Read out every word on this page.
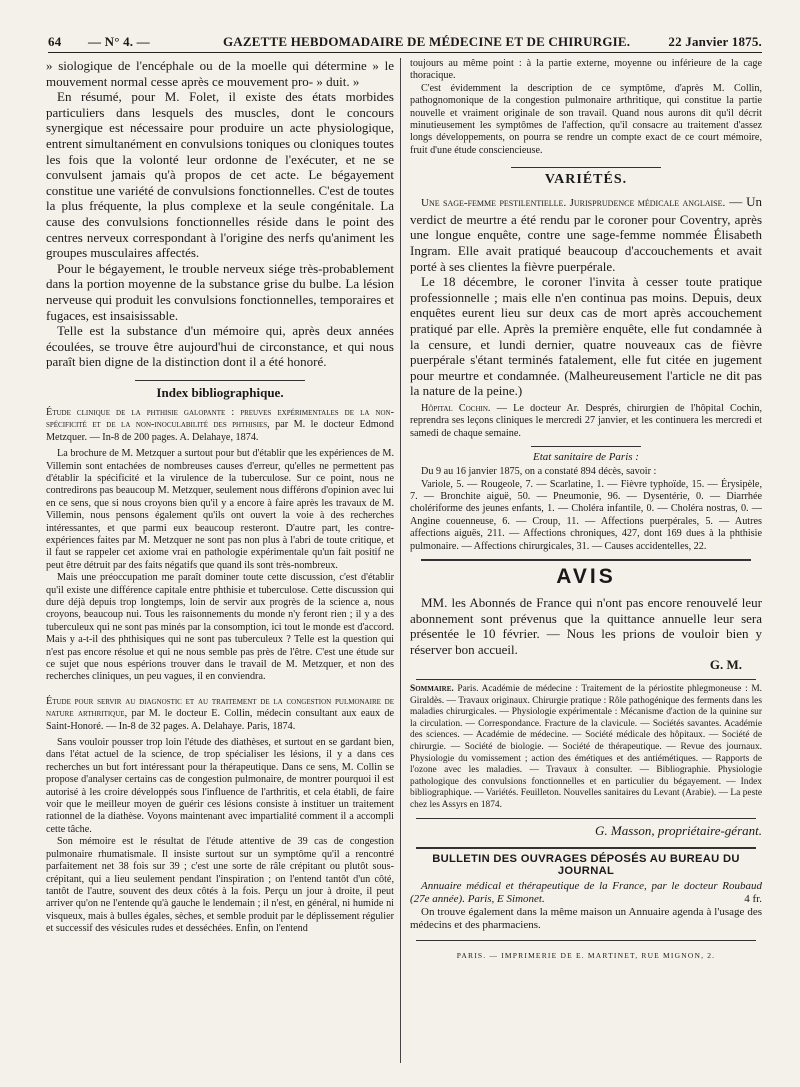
64 — N° 4. —	GAZETTE HEBDOMADAIRE DE MÉDECINE ET DE CHIRURGIE.	22 Janvier 1875.

» siologique de l'encéphale ou de la moelle qui détermine » le mouvement normal cesse après ce mouvement pro- » duit. »

En résumé, pour M. Folet, il existe des états morbides particuliers dans lesquels des muscles, dont le concours synergique est nécessaire pour produire un acte physiologique, entrent simultanément en convulsions toniques ou cloniques toutes les fois que la volonté leur ordonne de l'exécuter, et ne se convulsent jamais qu'à propos de cet acte. Le bégayement constitue une variété de convulsions fonctionnelles. C'est de toutes la plus fréquente, la plus complexe et la seule congénitale. La cause des convulsions fonctionnelles réside dans le point des centres nerveux correspondant à l'origine des nerfs qu'animent les groupes musculaires affectés.

Pour le bégayement, le trouble nerveux siége très-probablement dans la portion moyenne de la substance grise du bulbe. La lésion nerveuse qui produit les convulsions fonctionnelles, temporaires et fugaces, est insaisissable.

Telle est la substance d'un mémoire qui, après deux années écoulées, se trouve être aujourd'hui de circonstance, et qui nous paraît bien digne de la distinction dont il a été honoré.

Index bibliographique.

Étude clinique de la phthisie galopante : preuves expérimentales de la non-spécificité et de la non-inoculabilité des phthisies, par M. le docteur Edmond Metzquer. — In-8 de 200 pages. A. Delahaye, 1874.

La brochure de M. Metzquer a surtout pour but d'établir que les expériences de M. Villemin sont entachées de nombreuses causes d'erreur, qu'elles ne permettent pas d'établir la spécificité et la virulence de la tuberculose. Sur ce point, nous ne contredirons pas beaucoup M. Metzquer, seulement nous différons d'opinion avec lui en ce sens, que si nous croyons bien qu'il y a encore à faire après les travaux de M. Villemin, nous pensons également qu'ils ont ouvert la voie à des recherches intéressantes, et que parmi eux beaucoup resteront. D'autre part, les contre-expériences faites par M. Metzquer ne sont pas non plus à l'abri de toute critique, et il faut se rappeler cet axiome vrai en pathologie expérimentale qu'un fait positif ne peut être détruit par des faits négatifs que quand ils sont très-nombreux.

Mais une préoccupation me paraît dominer toute cette discussion, c'est d'établir qu'il existe une différence capitale entre phthisie et tuberculose. Cette discussion qui dure déjà depuis trop longtemps, loin de servir aux progrès de la science a, nous croyons, beaucoup nui. Tous les raisonnements du monde n'y feront rien ; il y a des tuberculeux qui ne sont pas minés par la consomption, ici tout le monde est d'accord. Mais y a-t-il des phthisiques qui ne sont pas tuberculeux ? Telle est la question qui n'est pas encore résolue et qui ne nous semble pas près de l'être. C'est une étude sur ce sujet que nous espérions trouver dans le travail de M. Metzquer, et non des recherches cliniques, un peu vagues, il en conviendra.

Étude pour servir au diagnostic et au traitement de la congestion pulmonaire de nature arthritique, par M. le docteur E. Collin, médecin consultant aux eaux de Saint-Honoré. — In-8 de 32 pages. A. Delahaye. Paris, 1874.

Sans vouloir pousser trop loin l'étude des diathèses, et surtout en se gardant bien, dans l'état actuel de la science, de trop spécialiser les lésions, il y a dans ces recherches un but fort intéressant pour la thérapeutique. Dans ce sens, M. Collin se propose d'analyser certains cas de congestion pulmonaire, de montrer pourquoi il est autorisé à les croire développés sous l'influence de l'arthritis, et cela établi, de faire voir que le meilleur moyen de guérir ces lésions consiste à instituer un traitement rationnel de la diathèse. Voyons maintenant avec impartialité comment il a accompli cette tâche.

Son mémoire est le résultat de l'étude attentive de 39 cas de congestion pulmonaire rhumatismale. Il insiste surtout sur un symptôme qu'il a rencontré parfaitement net 38 fois sur 39 ; c'est une sorte de râle crépitant ou plutôt sous-crépitant, qui a lieu seulement pendant l'inspiration ; on l'entend tantôt d'un côté, tantôt de l'autre, souvent des deux côtés à la fois. Perçu un jour à droite, il peut arriver qu'on ne l'entende qu'à gauche le lendemain ; il n'est, en général, ni humide ni visqueux, mais à bulles égales, sèches, et semble produit par le déplissement régulier et successif des vésicules rudes et desséchées. Enfin, on l'entend

toujours au même point : à la partie externe, moyenne ou inférieure de la cage thoracique.

C'est évidemment la description de ce symptôme, d'après M. Collin, pathognomonique de la congestion pulmonaire arthritique, qui constitue la partie nouvelle et vraiment originale de son travail. Quand nous aurons dit qu'il décrit minutieusement les symptômes de l'affection, qu'il consacre au traitement d'assez longs développements, on pourra se rendre un compte exact de ce court mémoire, fruit d'une étude consciencieuse.

VARIÉTÉS.

Une sage-femme pestilentielle. Jurisprudence médicale anglaise. — Un verdict de meurtre a été rendu par le coroner pour Coventry, après une longue enquête, contre une sage-femme nommée Élisabeth Ingram. Elle avait pratiqué beaucoup d'accouchements et avait porté à ses clientes la fièvre puerpérale.

Le 18 décembre, le coroner l'invita à cesser toute pratique professionnelle ; mais elle n'en continua pas moins. Depuis, deux enquêtes eurent lieu sur deux cas de mort après accouchement pratiqué par elle. Après la première enquête, elle fut condamnée à la censure, et lundi dernier, quatre nouveaux cas de fièvre puerpérale s'étant terminés fatalement, elle fut citée en jugement pour meurtre et condamnée. (Malheureusement l'article ne dit pas la nature de la peine.)

Hôpital Cochin. — Le docteur Ar. Després, chirurgien de l'hôpital Cochin, reprendra ses leçons cliniques le mercredi 27 janvier, et les continuera les mercredi et samedi de chaque semaine.

Etat sanitaire de Paris :

Du 9 au 16 janvier 1875, on a constaté 894 décès, savoir :

Variole, 5. — Rougeole, 7. — Scarlatine, 1. — Fièvre typhoïde, 15. — Érysipèle, 7. — Bronchite aiguë, 50. — Pneumonie, 96. — Dysentérie, 0. — Diarrhée cholériforme des jeunes enfants, 1. — Choléra infantile, 0. — Choléra nostras, 0. — Angine couenneuse, 6. — Croup, 11. — Affections puerpérales, 5. — Autres affections aiguës, 211. — Affections chroniques, 427, dont 169 dues à la phthisie pulmonaire. — Affections chirurgicales, 31. — Causes accidentelles, 22.

AVIS

MM. les Abonnés de France qui n'ont pas encore renouvelé leur abonnement sont prévenus que la quittance annuelle leur sera présentée le 10 février. — Nous les prions de vouloir bien y réserver bon accueil.

G. M.

Sommaire. Paris. Académie de médecine : Traitement de la périostite phlegmoneuse : M. Giraldès. — Travaux originaux. Chirurgie pratique : Rôle pathogénique des ferments dans les maladies chirurgicales. — Physiologie expérimentale : Mécanisme d'action de la quinine sur la circulation. — Correspondance. Fracture de la clavicule. — Sociétés savantes. Académie des sciences. — Académie de médecine. — Société médicale des hôpitaux. — Société de chirurgie. — Société de biologie. — Société de thérapeutique. — Revue des journaux. Physiologie du vomissement ; action des émétiques et des antiémétiques. — Rapports de l'ozone avec les maladies. — Travaux à consulter. — Bibliographie. Physiologie pathologique des convulsions fonctionnelles et en particulier du bégayement. — Index bibliographique. — Variétés. Feuilleton. Nouvelles sanitaires du Levant (Arabie). — La peste chez les Assyrs en 1874.

G. Masson, propriétaire-gérant.

BULLETIN DES OUVRAGES DÉPOSÉS AU BUREAU DU JOURNAL

Annuaire médical et thérapeutique de la France, par le docteur Roubaud (27e année). Paris, E Simonet.	4 fr.

On trouve également dans la même maison un Annuaire agenda à l'usage des médecins et des pharmaciens.

PARIS. — IMPRIMERIE DE E. MARTINET, RUE MIGNON, 2.
